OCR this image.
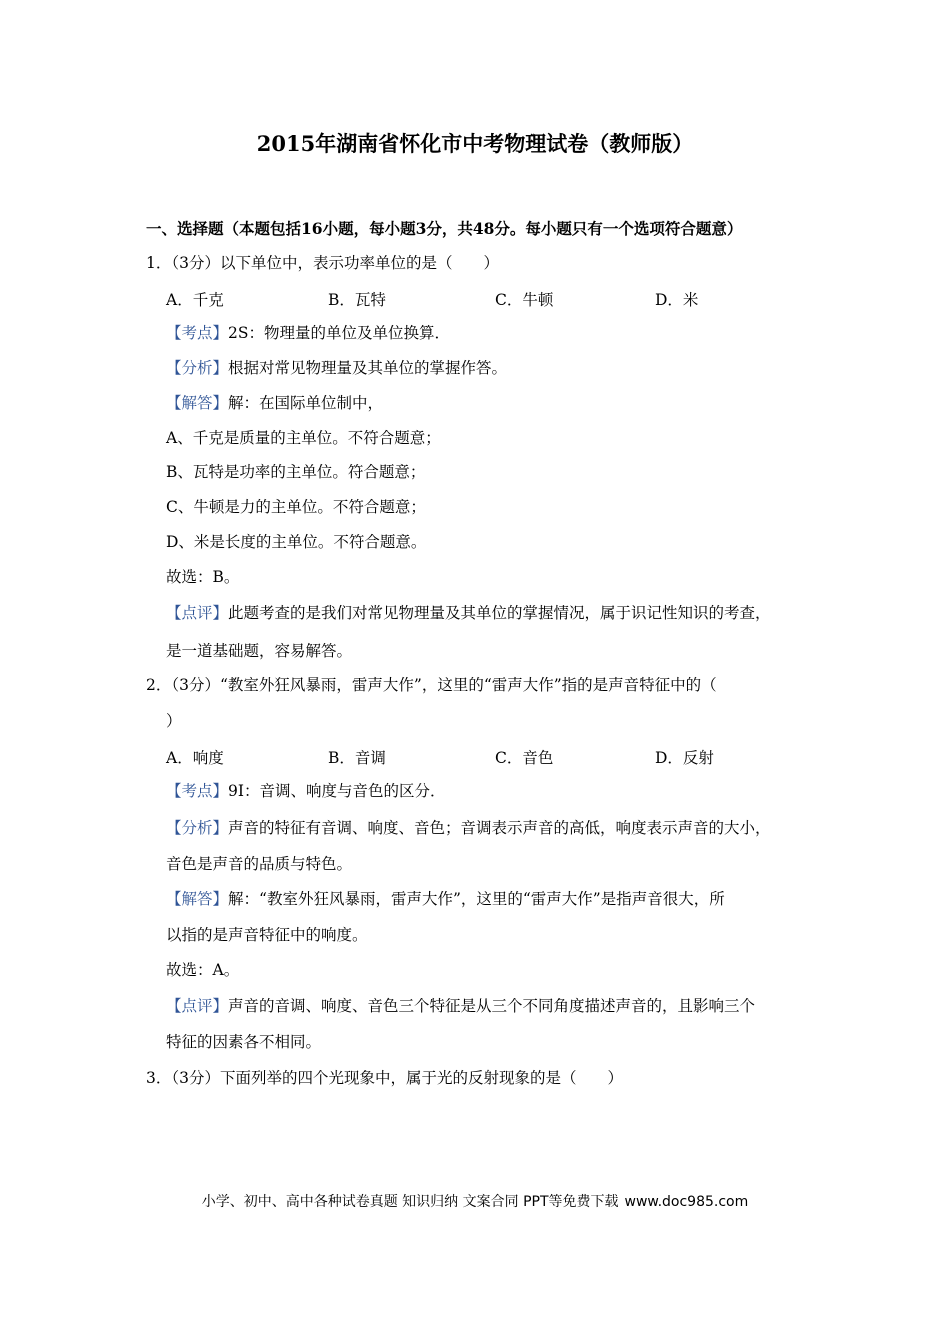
2015年湖南省怀化市中考物理试卷（教师版）
一、选择题（本题包括16小题，每小题3分，共48分。每小题只有一个选项符合题意）
1．（3分）以下单位中，表示功率单位的是（　　）
A．千克	B．瓦特	C．牛顿	D．米
【考点】2S：物理量的单位及单位换算．
【分析】根据对常见物理量及其单位的掌握作答。
【解答】解：在国际单位制中，
A、千克是质量的主单位。不符合题意；
B、瓦特是功率的主单位。符合题意；
C、牛顿是力的主单位。不符合题意；
D、米是长度的主单位。不符合题意。
故选：B。
【点评】此题考查的是我们对常见物理量及其单位的掌握情况，属于识记性知识的考查，
是一道基础题，容易解答。
2．（3分）“教室外狂风暴雨，雷声大作”，这里的“雷声大作”指的是声音特征中的（
）
A．响度	B．音调	C．音色	D．反射
【考点】9I：音调、响度与音色的区分．
【分析】声音的特征有音调、响度、音色；音调表示声音的高低，响度表示声音的大小，
音色是声音的品质与特色。
【解答】解：“教室外狂风暴雨，雷声大作”，这里的“雷声大作”是指声音很大，所
以指的是声音特征中的响度。
故选：A。
【点评】声音的音调、响度、音色三个特征是从三个不同角度描述声音的，且影响三个
特征的因素各不相同。
3．（3分）下面列举的四个光现象中，属于光的反射现象的是（　　）
小学、初中、高中各种试卷真题 知识归纳 文案合同 PPT等免费下载 www.doc985.com
